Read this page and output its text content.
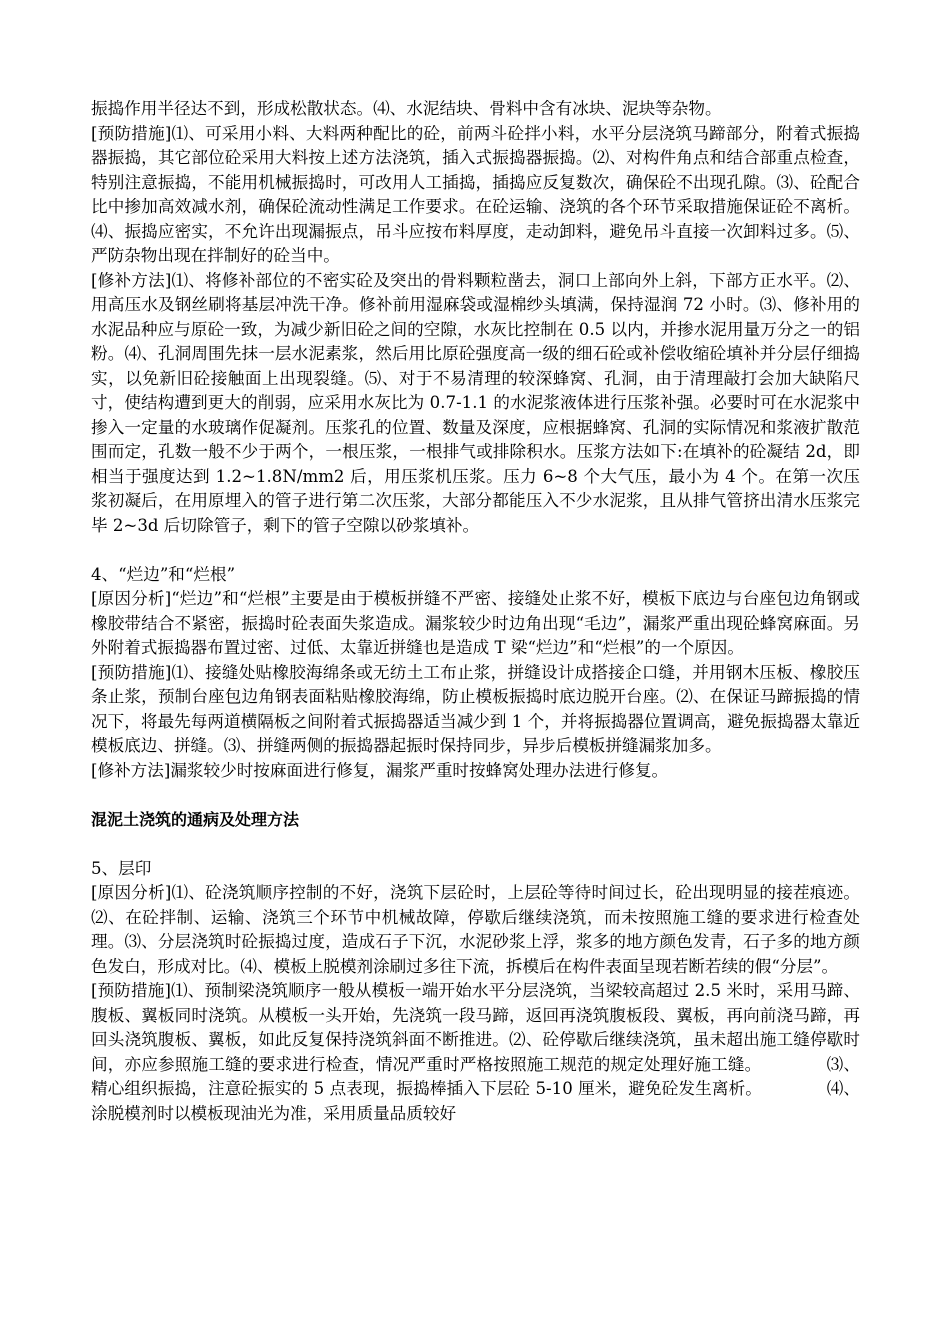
振捣作用半径达不到，形成松散状态。⑷、水泥结块、骨料中含有冰块、泥块等杂物。

[预防措施]⑴、可采用小料、大料两种配比的砼，前两斗砼拌小料，水平分层浇筑马蹄部分，附着式振捣器振捣，其它部位砼采用大料按上述方法浇筑，插入式振捣器振捣。⑵、对构件角点和结合部重点检查，特别注意振捣，不能用机械振捣时，可改用人工插捣，插捣应反复数次，确保砼不出现孔隙。⑶、砼配合比中掺加高效减水剂，确保砼流动性满足工作要求。在砼运输、浇筑的各个环节采取措施保证砼不离析。⑷、振捣应密实，不允许出现漏振点，吊斗应按布料厚度，走动卸料，避免吊斗直接一次卸料过多。⑸、严防杂物出现在拌制好的砼当中。

[修补方法]⑴、将修补部位的不密实砼及突出的骨料颗粒凿去，洞口上部向外上斜，下部方正水平。⑵、用高压水及钢丝刷将基层冲洗干净。修补前用湿麻袋或湿棉纱头填满，保持湿润 72 小时。⑶、修补用的水泥品种应与原砼一致，为减少新旧砼之间的空隙，水灰比控制在 0.5 以内，并掺水泥用量万分之一的铝粉。⑷、孔洞周围先抹一层水泥素浆，然后用比原砼强度高一级的细石砼或补偿收缩砼填补并分层仔细捣实，以免新旧砼接触面上出现裂缝。⑸、对于不易清理的较深蜂窝、孔洞，由于清理敲打会加大缺陷尺寸，使结构遭到更大的削弱，应采用水灰比为 0.7-1.1 的水泥浆液体进行压浆补强。必要时可在水泥浆中掺入一定量的水玻璃作促凝剂。压浆孔的位置、数量及深度，应根据蜂窝、孔洞的实际情况和浆液扩散范围而定，孔数一般不少于两个，一根压浆，一根排气或排除积水。压浆方法如下:在填补的砼凝结 2d，即相当于强度达到 1.2~1.8N/mm2 后，用压浆机压浆。压力 6~8 个大气压，最小为 4 个。在第一次压浆初凝后，在用原埋入的管子进行第二次压浆，大部分都能压入不少水泥浆，且从排气管挤出清水压浆完毕 2~3d 后切除管子，剩下的管子空隙以砂浆填补。

4、“烂边”和“烂根”

[原因分析]“烂边”和“烂根”主要是由于模板拼缝不严密、接缝处止浆不好，模板下底边与台座包边角钢或橡胶带结合不紧密，振捣时砼表面失浆造成。漏浆较少时边角出现“毛边”，漏浆严重出现砼蜂窝麻面。另外附着式振捣器布置过密、过低、太靠近拼缝也是造成 T 梁“烂边”和“烂根”的一个原因。

[预防措施]⑴、接缝处贴橡胶海绵条或无纺土工布止浆，拼缝设计成搭接企口缝，并用钢木压板、橡胶压条止浆，预制台座包边角钢表面粘贴橡胶海绵，防止模板振捣时底边脱开台座。⑵、在保证马蹄振捣的情况下，将最先每两道横隔板之间附着式振捣器适当减少到 1 个，并将振捣器位置调高，避免振捣器太靠近模板底边、拼缝。⑶、拼缝两侧的振捣器起振时保持同步，异步后模板拼缝漏浆加多。

[修补方法]漏浆较少时按麻面进行修复，漏浆严重时按蜂窝处理办法进行修复。

混泥土浇筑的通病及处理方法

5、层印

[原因分析]⑴、砼浇筑顺序控制的不好，浇筑下层砼时，上层砼等待时间过长，砼出现明显的接茬痕迹。⑵、在砼拌制、运输、浇筑三个环节中机械故障，停歇后继续浇筑，而未按照施工缝的要求进行检查处理。⑶、分层浇筑时砼振捣过度，造成石子下沉，水泥砂浆上浮，浆多的地方颜色发青，石子多的地方颜色发白，形成对比。⑷、模板上脱模剂涂刷过多往下流，拆模后在构件表面呈现若断若续的假“分层”。

[预防措施]⑴、预制梁浇筑顺序一般从模板一端开始水平分层浇筑，当梁较高超过 2.5 米时，采用马蹄、腹板、翼板同时浇筑。从模板一头开始，先浇筑一段马蹄，返回再浇筑腹板段、翼板，再向前浇马蹄，再回头浇筑腹板、翼板，如此反复保持浇筑斜面不断推进。⑵、砼停歇后继续浇筑，虽未超出施工缝停歇时间，亦应参照施工缝的要求进行检查，情况严重时严格按照施工规范的规定处理好施工缝。            ⑶、精心组织振捣，注意砼振实的 5 点表现，振捣棒插入下层砼 5-10 厘米，避免砼发生离析。            ⑷、涂脱模剂时以模板现油光为准，采用质量品质较好
